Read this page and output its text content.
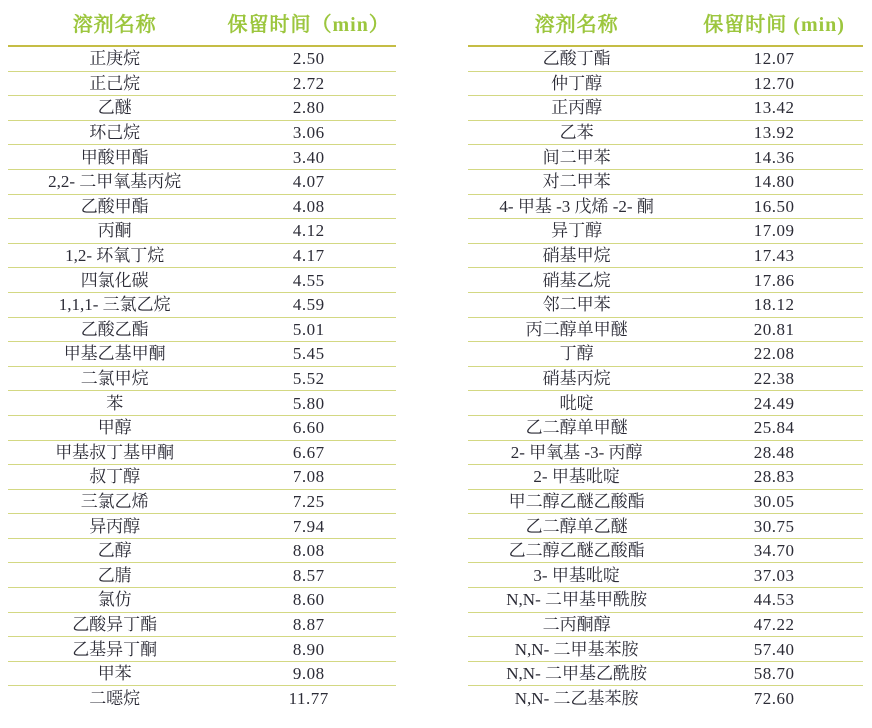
溶剂名称	保留时间（min）
正庚烷	2.50
正己烷	2.72
乙醚	2.80
环己烷	3.06
甲酸甲酯	3.40
2,2- 二甲氧基丙烷	4.07
乙酸甲酯	4.08
丙酮	4.12
1,2- 环氧丁烷	4.17
四氯化碳	4.55
1,1,1- 三氯乙烷	4.59
乙酸乙酯	5.01
甲基乙基甲酮	5.45
二氯甲烷	5.52
苯	5.80
甲醇	6.60
甲基叔丁基甲酮	6.67
叔丁醇	7.08
三氯乙烯	7.25
异丙醇	7.94
乙醇	8.08
乙腈	8.57
氯仿	8.60
乙酸异丁酯	8.87
乙基异丁酮	8.90
甲苯	9.08
二噁烷	11.77
溶剂名称	保留时间 (min)
乙酸丁酯	12.07
仲丁醇	12.70
正丙醇	13.42
乙苯	13.92
间二甲苯	14.36
对二甲苯	14.80
4- 甲基 -3 戊烯 -2- 酮	16.50
异丁醇	17.09
硝基甲烷	17.43
硝基乙烷	17.86
邻二甲苯	18.12
丙二醇单甲醚	20.81
丁醇	22.08
硝基丙烷	22.38
吡啶	24.49
乙二醇单甲醚	25.84
2- 甲氧基 -3- 丙醇	28.48
2- 甲基吡啶	28.83
甲二醇乙醚乙酸酯	30.05
乙二醇单乙醚	30.75
乙二醇乙醚乙酸酯	34.70
3- 甲基吡啶	37.03
N,N- 二甲基甲酰胺	44.53
二丙酮醇	47.22
N,N- 二甲基苯胺	57.40
N,N- 二甲基乙酰胺	58.70
N,N- 二乙基苯胺	72.60
